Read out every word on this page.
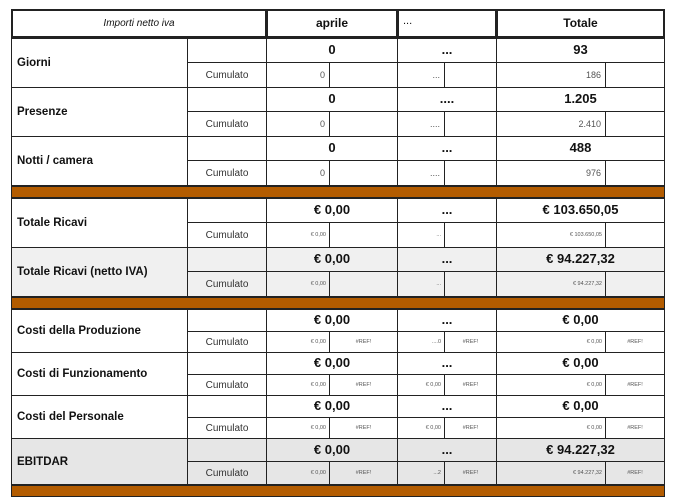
Importi netto iva	aprile	...	Totale
Giorni
0	...	93
Cumulato	0	...	186
Presenze
0	....	1.205
Cumulato	0	....	2.410
Notti / camera
0	...	488
Cumulato	0	....	976
Totale Ricavi
€ 0,00	...	€ 103.650,05
Cumulato	€ 0,00	...	€ 103.650,05
Totale Ricavi (netto IVA)
€ 0,00	...	€ 94.227,32
Cumulato	€ 0,00	...	€ 94.227,32
Costi della Produzione
€ 0,00	...	€ 0,00
Cumulato	€ 0,00	#REF!	....0	#REF!	€ 0,00	#REF!
Costi di Funzionamento
€ 0,00	...	€ 0,00
Cumulato	€ 0,00	#REF!	€ 0,00	#REF!	€ 0,00	#REF!
Costi del Personale
€ 0,00	...	€ 0,00
Cumulato	€ 0,00	#REF!	€ 0,00	#REF!	€ 0,00	#REF!
EBITDAR
€ 0,00	...	€ 94.227,32
Cumulato	€ 0,00	#REF!	...2	#REF!	€ 94.227,32	#REF!
